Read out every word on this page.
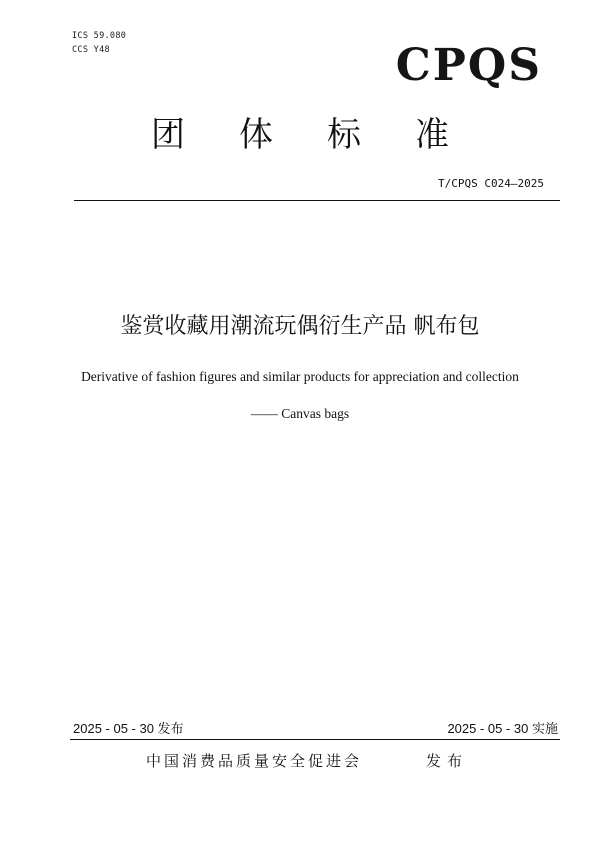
ICS 59.080
CCS Y48	CPQS
团体标准
T/CPQS C024—2025
鉴赏收藏用潮流玩偶衍生产品 帆布包
Derivative of fashion figures and similar products for appreciation and collection
—— Canvas bags
2025 - 05 - 30 发布	2025 - 05 - 30 实施
中国消费品质量安全促进会	发布
